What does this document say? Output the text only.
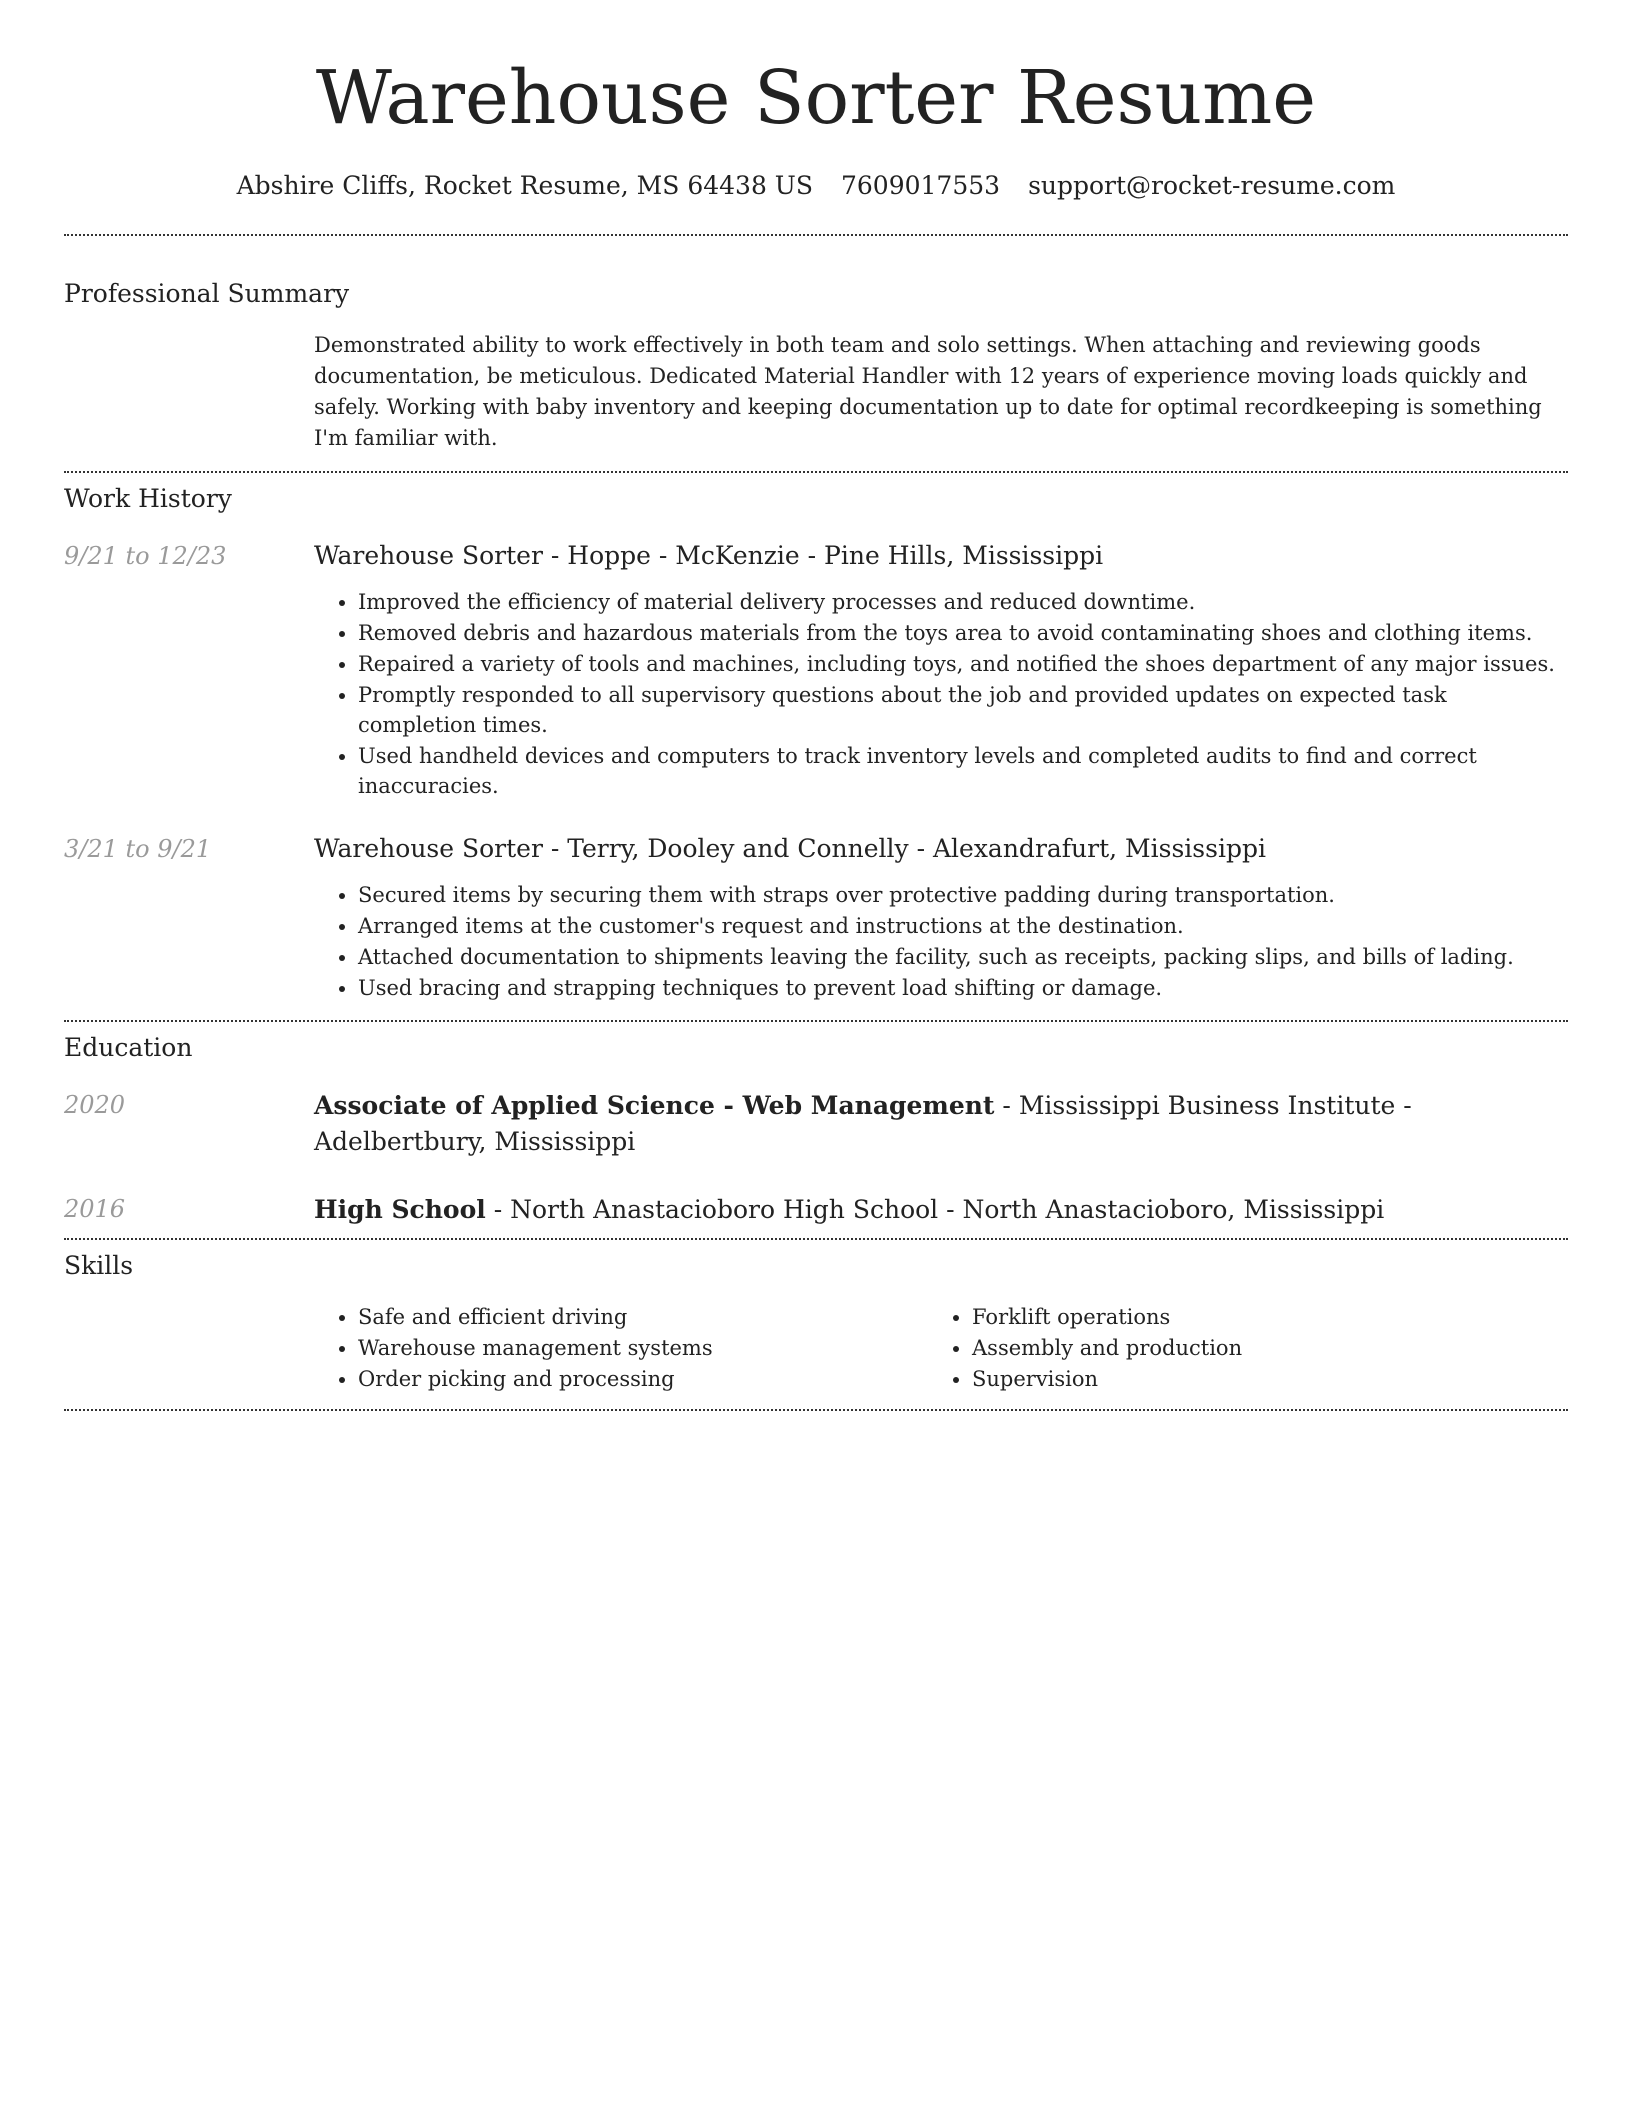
Warehouse Sorter Resume
Abshire Cliffs, Rocket Resume, MS 64438 US 7609017553 support@rocket-resume.com
Professional Summary

Demonstrated ability to work effectively in both team and solo settings. When attaching and reviewing goods documentation, be meticulous. Dedicated Material Handler with 12 years of experience moving loads quickly and safely. Working with baby inventory and keeping documentation up to date for optimal recordkeeping is something I'm familiar with.

Work History
9/21 to 12/23	Warehouse Sorter - Hoppe - McKenzie - Pine Hills, Mississippi

• Improved the efficiency of material delivery processes and reduced downtime.
• Removed debris and hazardous materials from the toys area to avoid contaminating shoes and clothing items.
• Repaired a variety of tools and machines, including toys, and notified the shoes department of any major issues.
• Promptly responded to all supervisory questions about the job and provided updates on expected task completion times.
• Used handheld devices and computers to track inventory levels and completed audits to find and correct inaccuracies.
3/21 to 9/21	Warehouse Sorter - Terry, Dooley and Connelly - Alexandrafurt, Mississippi

• Secured items by securing them with straps over protective padding during transportation.
• Arranged items at the customer's request and instructions at the destination.
• Attached documentation to shipments leaving the facility, such as receipts, packing slips, and bills of lading.
• Used bracing and strapping techniques to prevent load shifting or damage.
Education
2020	Associate of Applied Science - Web Management - Mississippi Business Institute - Adelbertbury, Mississippi

2016	High School - North Anastacioboro High School - North Anastacioboro, Mississippi

Skills
• Safe and efficient driving
• Warehouse management systems
• Order picking and processing
• Forklift operations
• Assembly and production
• Supervision
